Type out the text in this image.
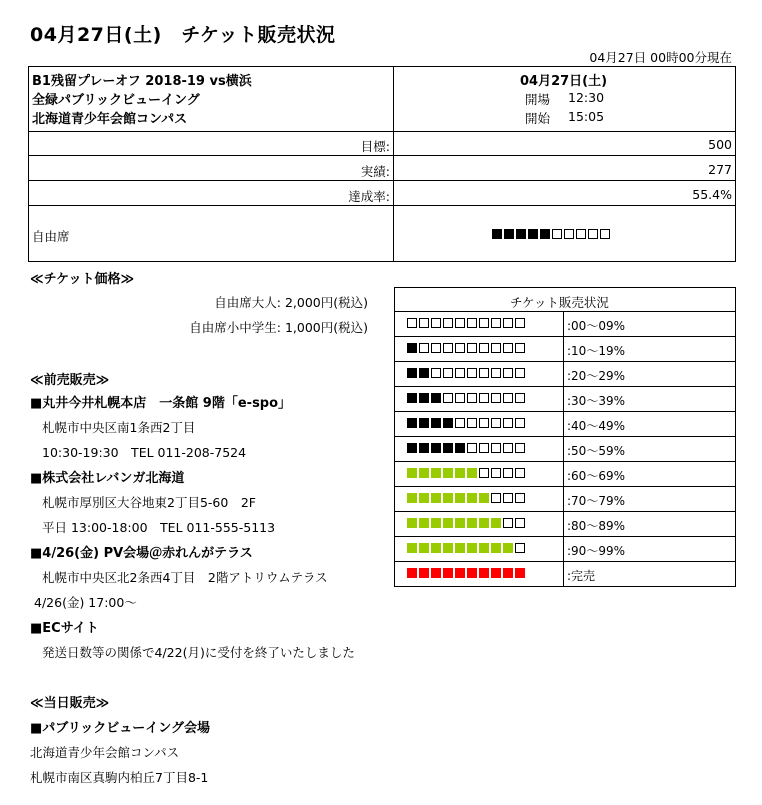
04月27日(土)　チケット販売状況
04月27日 00時00分現在
B1残留プレーオフ 2018-19 vs横浜
全緑パブリックビューイング
北海道青少年会館コンパス
04月27日(土)
開場 12:30
開始 15:05
目標:	500
実績:	277
達成率:	55.4%
自由席
≪チケット価格≫
自由席大人: 2,000円(税込)
自由席小中学生: 1,000円(税込)
チケット販売状況
:00～09%
:10～19%
:20～29%
:30～39%
:40～49%
:50～59%
:60～69%
:70～79%
:80～89%
:90～99%
:完売
≪前売販売≫
■丸井今井札幌本店　一条館 9階「e-spo」
札幌市中央区南1条西2丁目
10:30-19:30　TEL 011-208-7524
■株式会社レバンガ北海道
札幌市厚別区大谷地東2丁目5-60　2F
平日 13:00-18:00　TEL 011-555-5113
■4/26(金) PV会場＠赤れんがテラス
札幌市中央区北2条西4丁目　2階アトリウムテラス
4/26(金) 17:00～
■ECサイト
発送日数等の関係で4/22(月)に受付を終了いたしました
≪当日販売≫
■パブリックビューイング会場
北海道青少年会館コンパス
札幌市南区真駒内柏丘7丁目8-1
